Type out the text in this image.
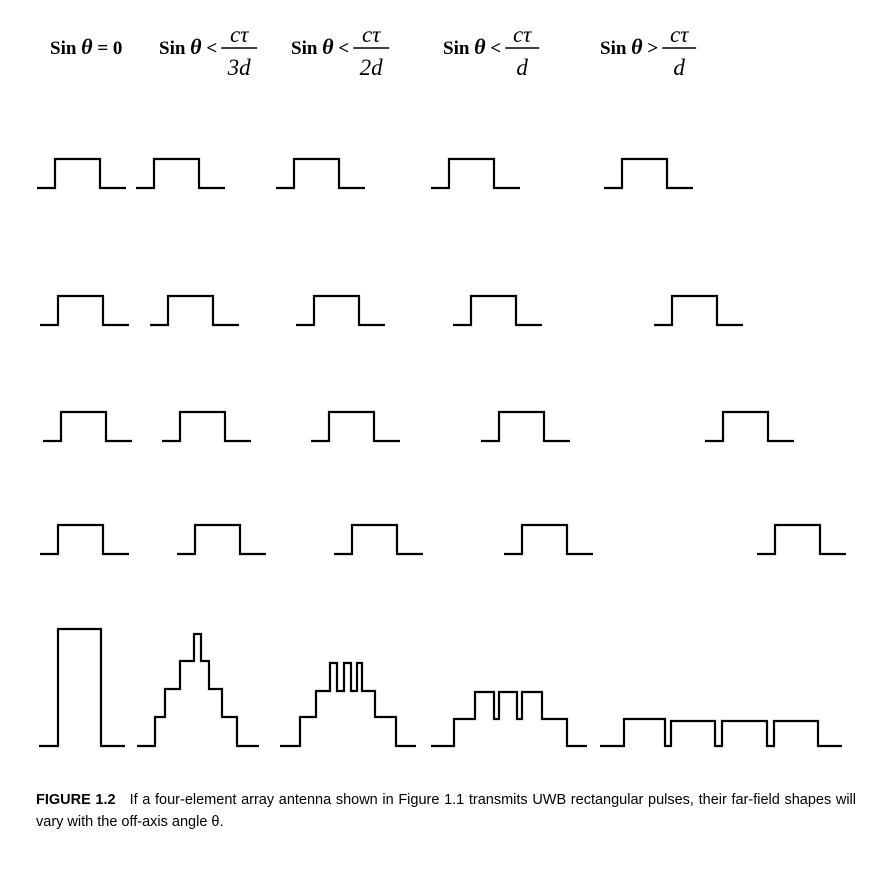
Sin θ = 0 Sin θ <
cτ
3d
Sin θ <
cτ
2d
Sin θ <
cτ
d
Sin θ >
cτ
d
FIGURE 1.2 If a four-element array antenna shown in Figure 1.1 transmits UWB rectangular pulses, their far-field shapes will vary with the off-axis angle θ.
